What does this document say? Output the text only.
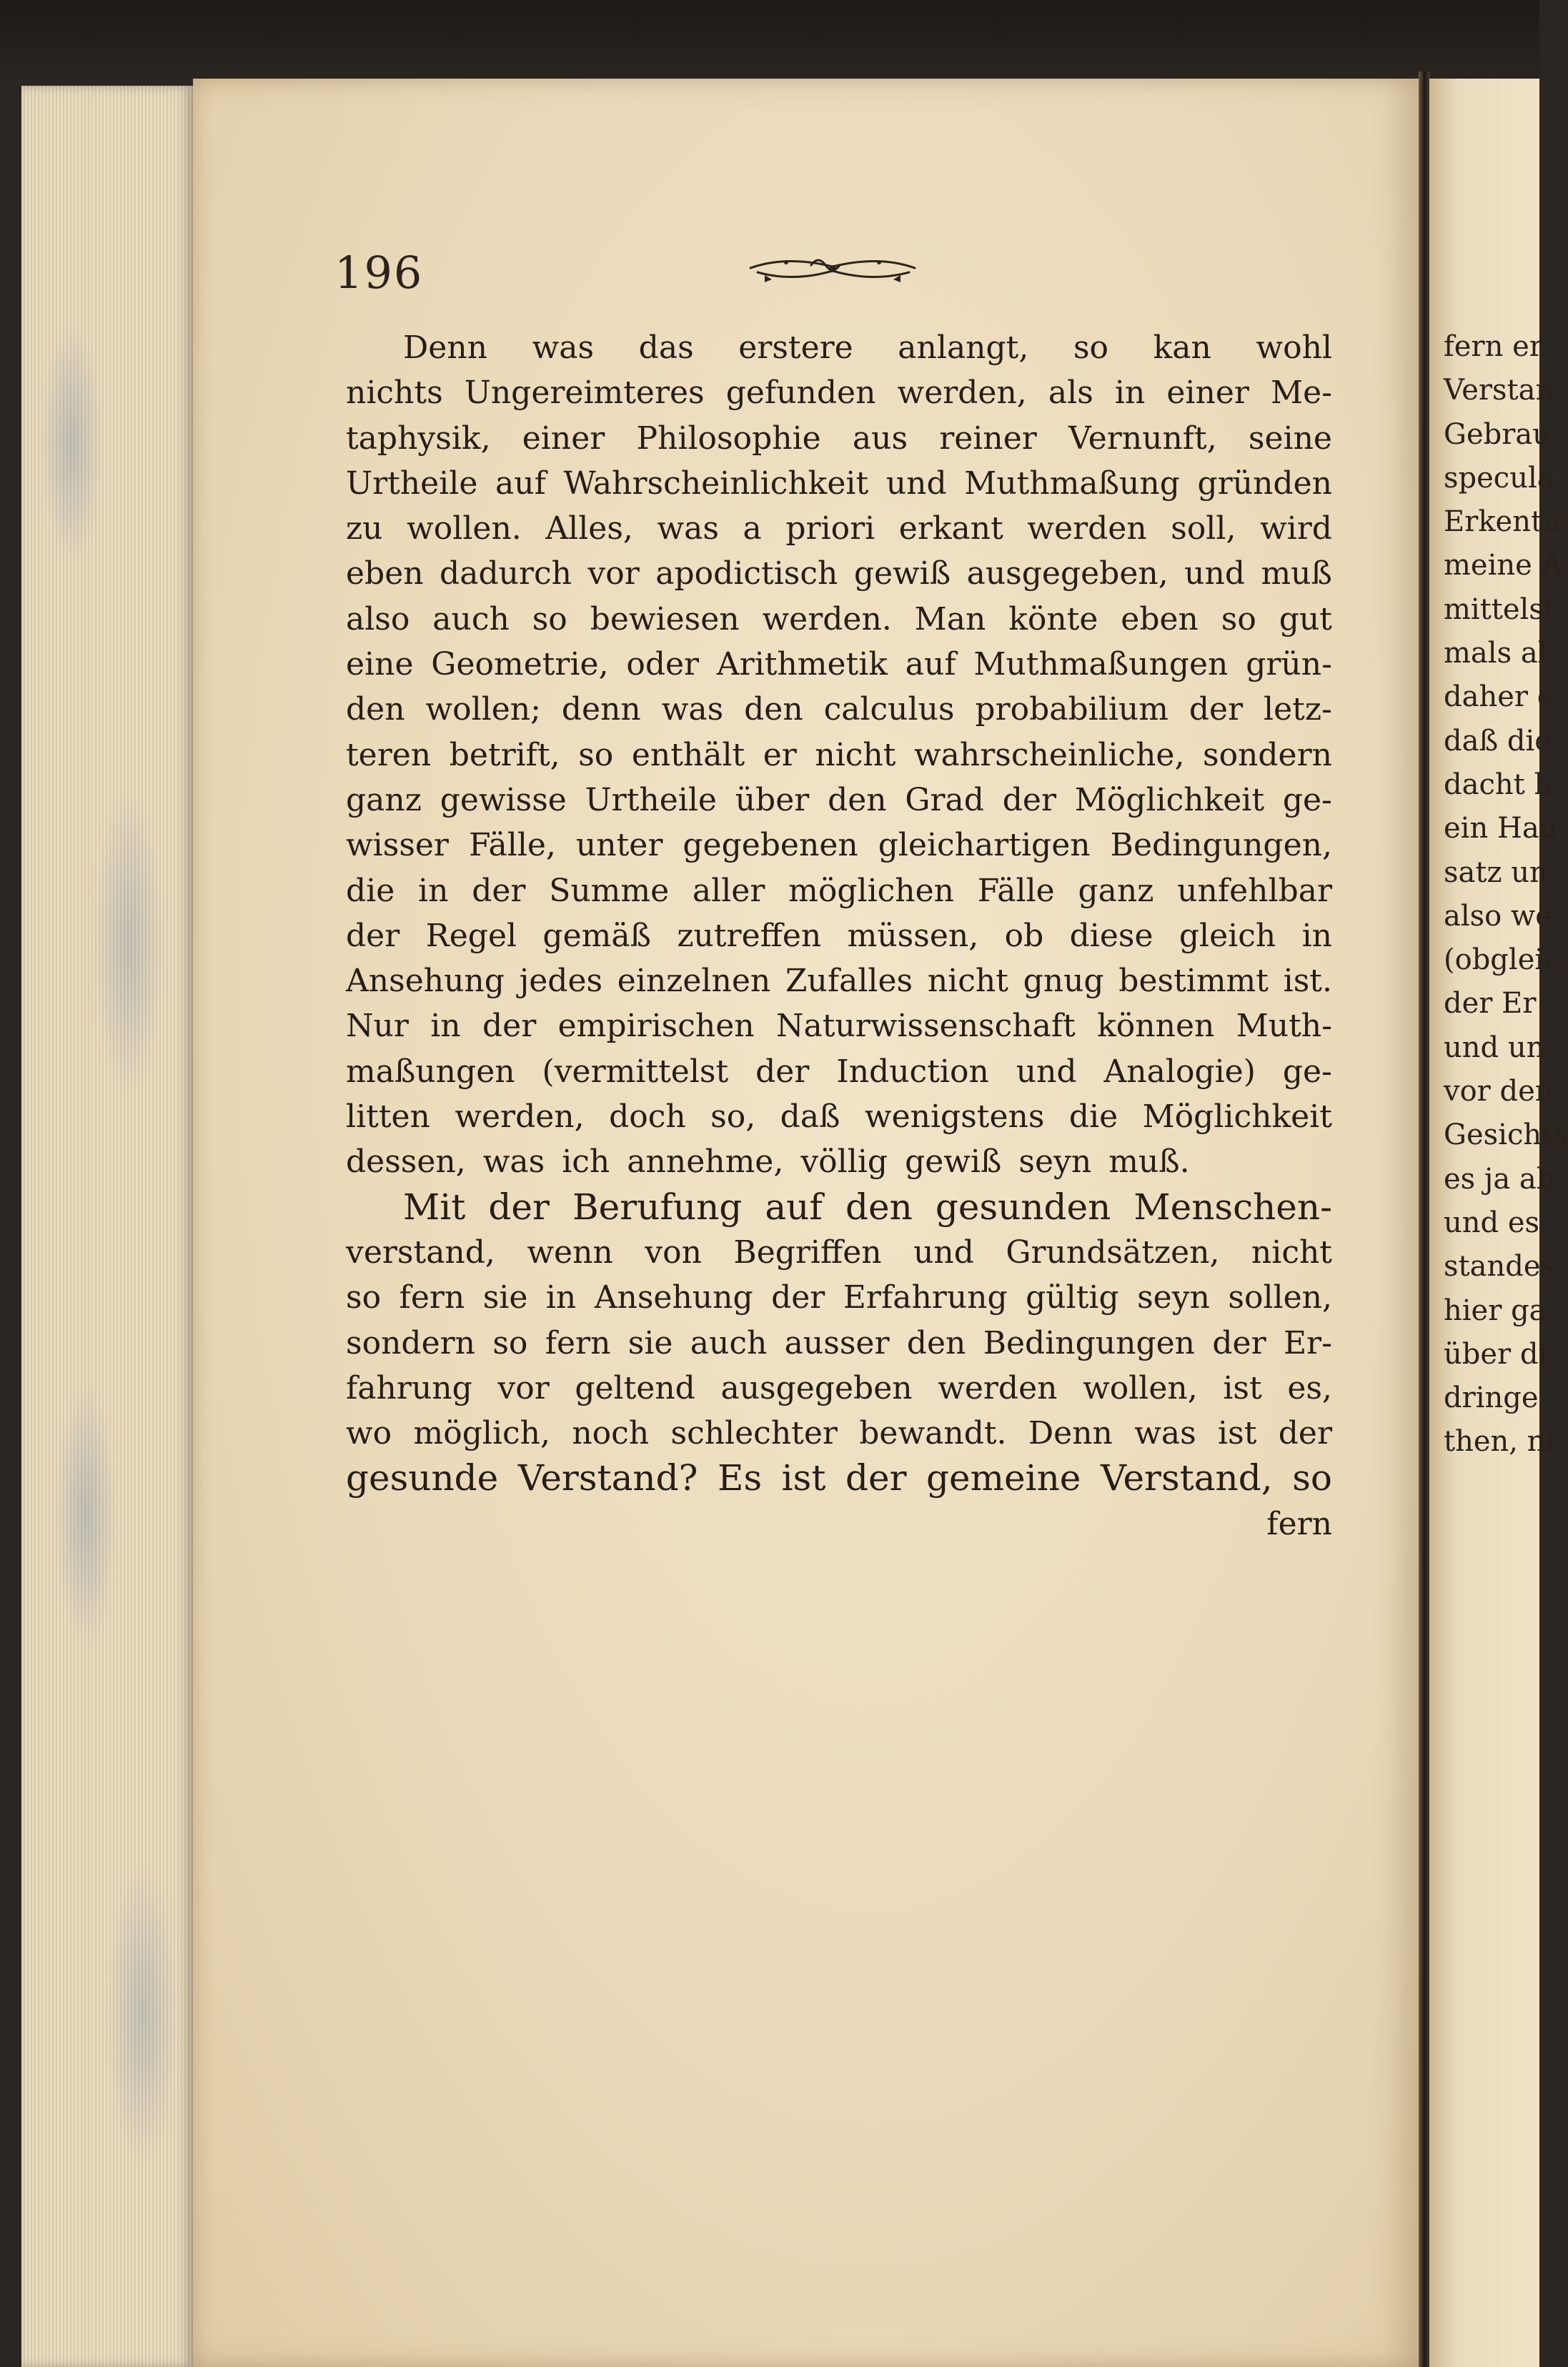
196
Denn was das erstere anlangt, so kan wohl
nichts Ungereimteres gefunden werden, als in einer Me-
taphysik, einer Philosophie aus reiner Vernunft, seine
Urtheile auf Wahrscheinlichkeit und Muthmaßung gründen
zu wollen. Alles, was a priori erkant werden soll, wird
eben dadurch vor apodictisch gewiß ausgegeben, und muß
also auch so bewiesen werden. Man könte eben so gut
eine Geometrie, oder Arithmetik auf Muthmaßungen grün-
den wollen; denn was den calculus probabilium der letz-
teren betrift, so enthält er nicht wahrscheinliche, sondern
ganz gewisse Urtheile über den Grad der Möglichkeit ge-
wisser Fälle, unter gegebenen gleichartigen Bedingungen,
die in der Summe aller möglichen Fälle ganz unfehlbar
der Regel gemäß zutreffen müssen, ob diese gleich in
Ansehung jedes einzelnen Zufalles nicht gnug bestimmt ist.
Nur in der empirischen Naturwissenschaft können Muth-
maßungen (vermittelst der Induction und Analogie) ge-
litten werden, doch so, daß wenigstens die Möglichkeit
dessen, was ich annehme, völlig gewiß seyn muß.
Mit der Berufung auf den gesunden Menschen-
verstand, wenn von Begriffen und Grundsätzen, nicht
so fern sie in Ansehung der Erfahrung gültig seyn sollen,
sondern so fern sie auch ausser den Bedingungen der Er-
fahrung vor geltend ausgegeben werden wollen, ist es,
wo möglich, noch schlechter bewandt. Denn was ist der
gesunde Verstand? Es ist der gemeine Verstand, so
fern
fern er
Verstan
Gebrau
specula
Erkentn
meine A
mittelst
mals al
daher e
daß die
dacht h
ein Hau
satz un
also we
(obgleic
der Er
und un
vor den
Gesichts
es ja ab
und es
standes
hier ga
über di
dringe
then, ni
